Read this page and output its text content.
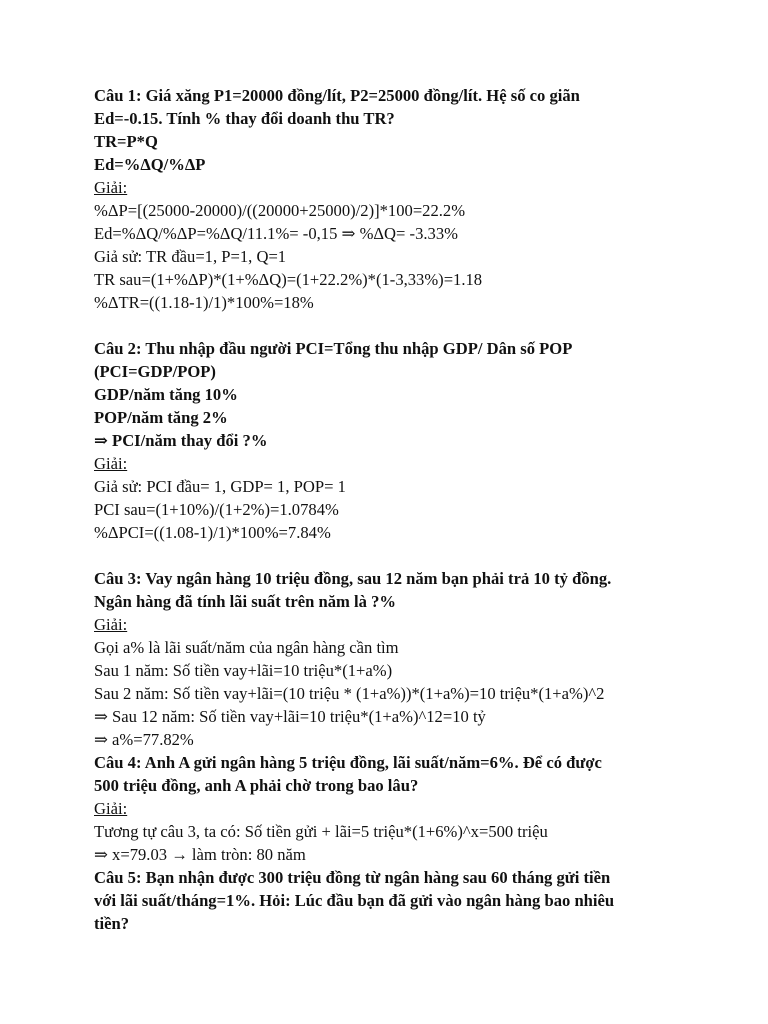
Câu 1: Giá xăng P1=20000 đồng/lít, P2=25000 đồng/lít. Hệ số co giãn
Ed=-0.15. Tính % thay đổi doanh thu TR?
TR=P*Q
Ed=%ΔQ/%ΔP
Giải:
%ΔP=[(25000-20000)/((20000+25000)/2)]*100=22.2%
Ed=%ΔQ/%ΔP=%ΔQ/11.1%= -0,15 ⇒ %ΔQ= -3.33%
Giả sử: TR đầu=1, P=1, Q=1
TR sau=(1+%ΔP)*(1+%ΔQ)=(1+22.2%)*(1-3,33%)=1.18
%ΔTR=((1.18-1)/1)*100%=18%
Câu 2: Thu nhập đầu người PCI=Tổng thu nhập GDP/ Dân số POP
(PCI=GDP/POP)
GDP/năm tăng 10%
POP/năm tăng 2%
⇒ PCI/năm thay đổi ?%
Giải:
Giả sử: PCI đầu= 1, GDP= 1, POP= 1
PCI sau=(1+10%)/(1+2%)=1.0784%
%ΔPCI=((1.08-1)/1)*100%=7.84%
Câu 3: Vay ngân hàng 10 triệu đồng, sau 12 năm bạn phải trả 10 tỷ đồng.
Ngân hàng đã tính lãi suất trên năm là ?%
Giải:
Gọi a% là lãi suất/năm của ngân hàng cần tìm
Sau 1 năm: Số tiền vay+lãi=10 triệu*(1+a%)
Sau 2 năm: Số tiền vay+lãi=(10 triệu * (1+a%))*(1+a%)=10 triệu*(1+a%)^2
⇒ Sau 12 năm: Số tiền vay+lãi=10 triệu*(1+a%)^12=10 tỷ
⇒ a%=77.82%
Câu 4: Anh A gửi ngân hàng 5 triệu đồng, lãi suất/năm=6%. Để có được
500 triệu đồng, anh A phải chờ trong bao lâu?
Giải:
Tương tự câu 3, ta có: Số tiền gửi + lãi=5 triệu*(1+6%)^x=500 triệu
⇒ x=79.03 → làm tròn: 80 năm
Câu 5: Bạn nhận được 300 triệu đồng từ ngân hàng sau 60 tháng gửi tiền
với lãi suất/tháng=1%. Hỏi: Lúc đầu bạn đã gửi vào ngân hàng bao nhiêu
tiền?
